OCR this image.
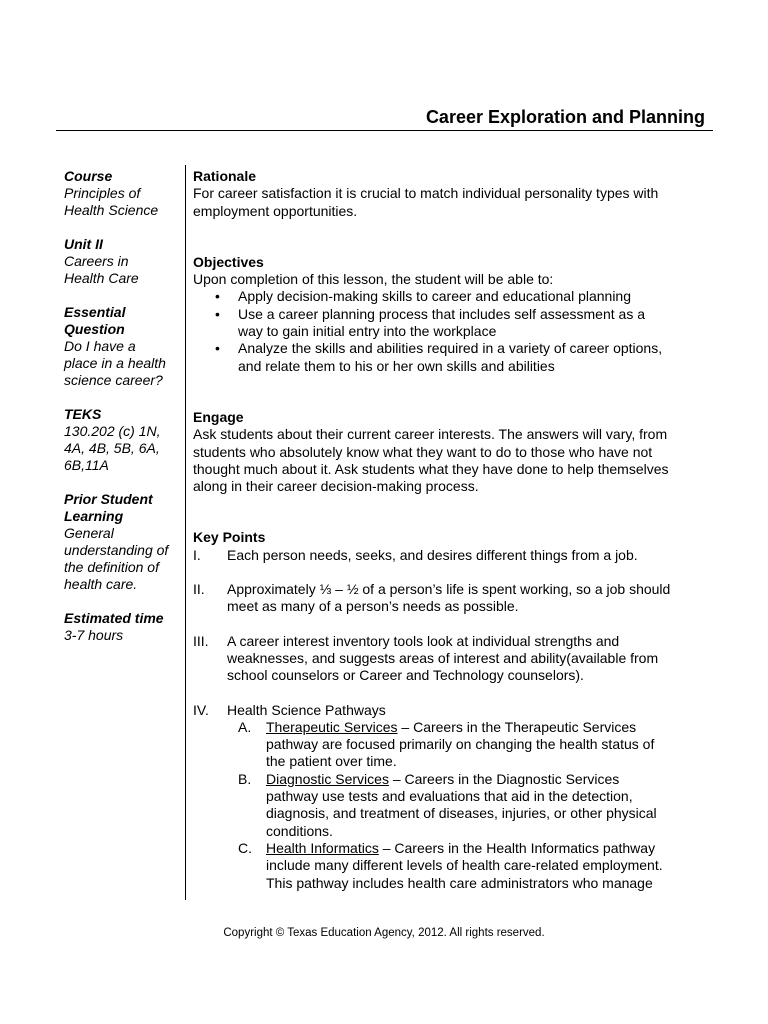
Career Exploration and Planning
Course
Principles of
Health Science
Unit II
Careers in
Health Care
Essential
Question
Do I have a
place in a health
science career?
TEKS
130.202 (c) 1N,
4A, 4B, 5B, 6A,
6B,11A
Prior Student
Learning
General
understanding of
the definition of
health care.
Estimated time
3-7 hours
Rationale
For career satisfaction it is crucial to match individual personality types with
employment opportunities.
Objectives
Upon completion of this lesson, the student will be able to:
• Apply decision-making skills to career and educational planning
• Use a career planning process that includes self assessment as a
way to gain initial entry into the workplace
• Analyze the skills and abilities required in a variety of career options,
and relate them to his or her own skills and abilities
Engage
Ask students about their current career interests. The answers will vary, from
students who absolutely know what they want to do to those who have not
thought much about it. Ask students what they have done to help themselves
along in their career decision-making process.
Key Points
I. Each person needs, seeks, and desires different things from a job.
II. Approximately ⅓ – ½ of a person’s life is spent working, so a job should
meet as many of a person’s needs as possible.
III. A career interest inventory tools look at individual strengths and
weaknesses, and suggests areas of interest and ability(available from
school counselors or Career and Technology counselors).
IV. Health Science Pathways
A. Therapeutic Services – Careers in the Therapeutic Services
pathway are focused primarily on changing the health status of
the patient over time.
B. Diagnostic Services – Careers in the Diagnostic Services
pathway use tests and evaluations that aid in the detection,
diagnosis, and treatment of diseases, injuries, or other physical
conditions.
C. Health Informatics – Careers in the Health Informatics pathway
include many different levels of health care-related employment.
This pathway includes health care administrators who manage
Copyright © Texas Education Agency, 2012. All rights reserved.
